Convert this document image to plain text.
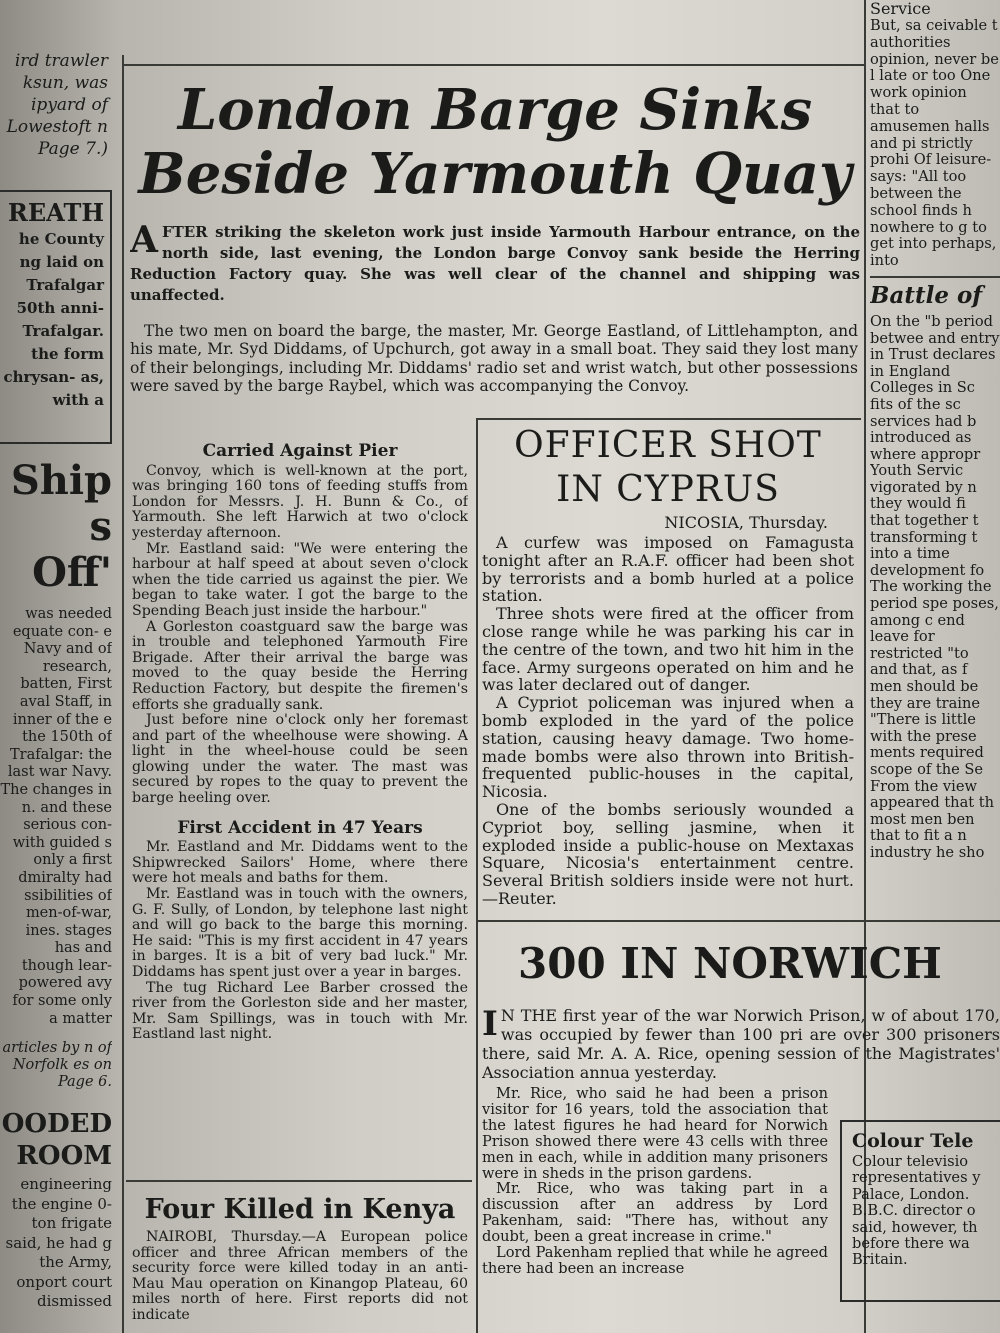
ird trawler ksun, was ipyard of Lowestoft n Page 7.)

REATH

he County ng laid on Trafalgar 50th anni- Trafalgar. the form chrysan- as, with a

Ship
s Off'

was needed equate con- e Navy and of research, batten, First aval Staff, in inner of the e the 150th of Trafalgar: the last war Navy. The changes in n. and these serious con- with guided s only a first dmiralty had ssibilities of men-of-war, ines. stages has and though lear-powered avy for some only a matter

articles by n of Norfolk es on Page 6.

OODED
ROOM

engineering the engine 0-ton frigate said, he had g the Army, onport court dismissed

London Barge Sinks
Beside Yarmouth Quay
A FTER striking the skeleton work just inside Yarmouth Harbour entrance, on the north side, last evening, the London barge Convoy sank beside the Herring Reduction Factory quay. She was well clear of the channel and shipping was unaffected.

The two men on board the barge, the master, Mr. George Eastland, of Littlehampton, and his mate, Mr. Syd Diddams, of Upchurch, got away in a small boat. They said they lost many of their belongings, including Mr. Diddams' radio set and wrist watch, but other possessions were saved by the barge Raybel, which was accompanying the Convoy.

Carried Against Pier

Convoy, which is well-known at the port, was bringing 160 tons of feeding stuffs from London for Messrs. J. H. Bunn & Co., of Yarmouth. She left Harwich at two o'clock yesterday afternoon.

Mr. Eastland said: "We were entering the harbour at half speed at about seven o'clock when the tide carried us against the pier. We began to take water. I got the barge to the Spending Beach just inside the harbour."

A Gorleston coastguard saw the barge was in trouble and telephoned Yarmouth Fire Brigade. After their arrival the barge was moved to the quay beside the Herring Reduction Factory, but despite the firemen's efforts she gradually sank.

Just before nine o'clock only her foremast and part of the wheelhouse were showing. A light in the wheel-house could be seen glowing under the water. The mast was secured by ropes to the quay to prevent the barge heeling over.

First Accident in 47 Years

Mr. Eastland and Mr. Diddams went to the Shipwrecked Sailors' Home, where there were hot meals and baths for them.

Mr. Eastland was in touch with the owners, G. F. Sully, of London, by telephone last night and will go back to the barge this morning. He said: "This is my first accident in 47 years in barges. It is a bit of very bad luck." Mr. Diddams has spent just over a year in barges.

The tug Richard Lee Barber crossed the river from the Gorleston side and her master, Mr. Sam Spillings, was in touch with Mr. Eastland last night.

Four Killed in Kenya

NAIROBI, Thursday.—A European police officer and three African members of the security force were killed today in an anti-Mau Mau operation on Kinangop Plateau, 60 miles north of here. First reports did not indicate

OFFICER SHOT
IN CYPRUS
NICOSIA, Thursday.

A curfew was imposed on Famagusta tonight after an R.A.F. officer had been shot by terrorists and a bomb hurled at a police station.

Three shots were fired at the officer from close range while he was parking his car in the centre of the town, and two hit him in the face. Army surgeons operated on him and he was later declared out of danger.

A Cypriot policeman was injured when a bomb exploded in the yard of the police station, causing heavy damage. Two home-made bombs were also thrown into British-frequented public-houses in the capital, Nicosia.

One of the bombs seriously wounded a Cypriot boy, selling jasmine, when it exploded inside a public-house on Mextaxas Square, Nicosia's entertainment centre. Several British soldiers inside were not hurt.—Reuter.

300 IN NORWICH
I N THE first year of the war Norwich Prison, w of about 170, was occupied by fewer than 100 pri are over 300 prisoners there, said Mr. A. A. Rice, opening session of the Magistrates' Association annua yesterday.

Mr. Rice, who said he had been a prison visitor for 16 years, told the association that the latest figures he had heard for Norwich Prison showed there were 43 cells with three men in each, while in addition many prisoners were in sheds in the prison gardens.

Mr. Rice, who was taking part in a discussion after an address by Lord Pakenham, said: "There has, without any doubt, been a great increase in crime."

Lord Pakenham replied that while he agreed there had been an increase

Service

But, sa ceivable t authorities opinion, never be l late or too One work opinion that to amusemen halls and pi strictly prohi Of leisure- says: "All too between the school finds h nowhere to g to get into perhaps, into

Battle of

On the "b period betwee and entry in Trust declares in England Colleges in Sc fits of the sc services had b introduced as where appropr Youth Servic vigorated by n they would fi that together t transforming t into a time development fo The working the period spe poses, among c end leave for restricted "to and that, as f men should be they are traine "There is little with the prese ments required scope of the Se From the view appeared that th most men ben that to fit a n industry he sho

Colour Tele

Colour televisio representatives y Palace, London. B.B.C. director o said, however, th before there wa Britain.
